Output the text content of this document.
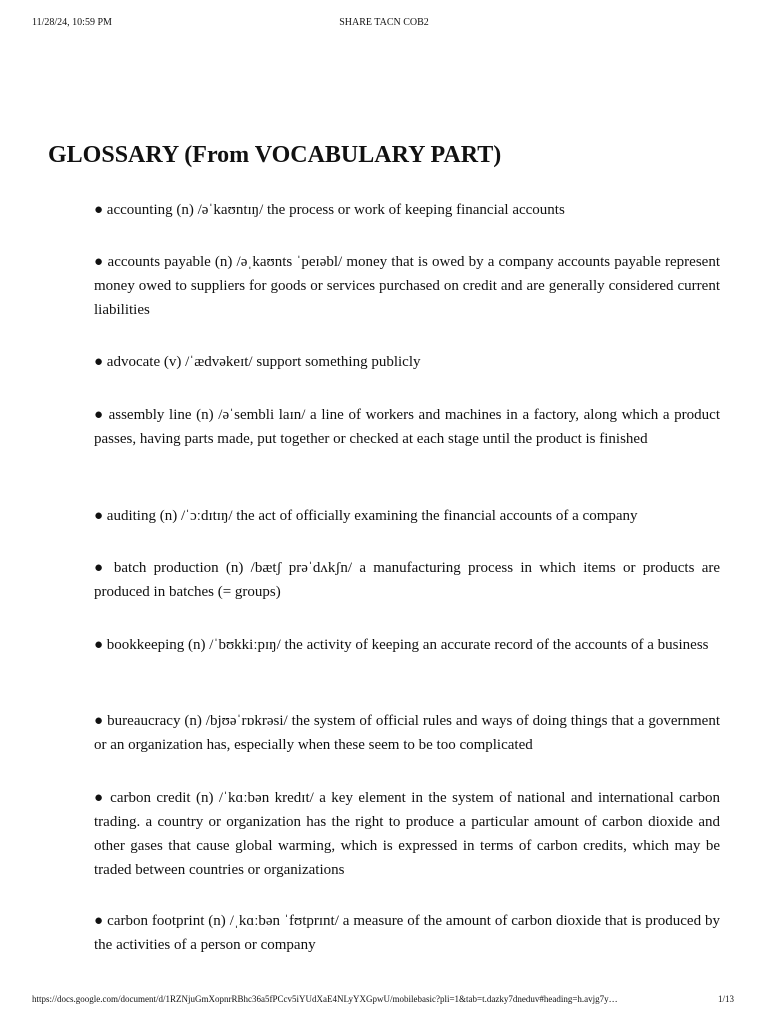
11/28/24, 10:59 PM	SHARE TACN COB2
GLOSSARY (From VOCABULARY PART)

● accounting (n) /əˈkaʊntɪŋ/ the process or work of keeping financial accounts

● accounts payable (n) /əˌkaʊnts ˈpeɪəbl/ money that is owed by a company accounts payable represent money owed to suppliers for goods or services purchased on credit and are generally considered current liabilities

● advocate (v) /ˈædvəkeɪt/ support something publicly

● assembly line (n) /əˈsembli laɪn/ a line of workers and machines in a factory, along which a product passes, having parts made, put together or checked at each stage until the product is finished

● auditing (n) /ˈɔːdɪtɪŋ/ the act of officially examining the financial accounts of a company

● batch production (n) /bætʃ prəˈdʌkʃn/ a manufacturing process in which items or products are produced in batches (= groups)

● bookkeeping (n) /ˈbʊkkiːpɪŋ/ the activity of keeping an accurate record of the accounts of a business

● bureaucracy (n) /bjʊəˈrɒkrəsi/ the system of official rules and ways of doing things that a government or an organization has, especially when these seem to be too complicated

● carbon credit (n) /ˈkɑːbən kredɪt/ a key element in the system of national and international carbon trading. a country or organization has the right to produce a particular amount of carbon dioxide and other gases that cause global warming, which is expressed in terms of carbon credits, which may be traded between countries or organizations

● carbon footprint (n) /ˌkɑːbən ˈfʊtprɪnt/ a measure of the amount of carbon dioxide that is produced by the activities of a person or company

https://docs.google.com/document/d/1RZNjuGmXopnrRBhc36a5fPCcv5iYUdXaE4NLyYXGpwU/mobilebasic?pli=1&tab=t.dazky7dneduv#heading=h.avjg7y…	1/13
